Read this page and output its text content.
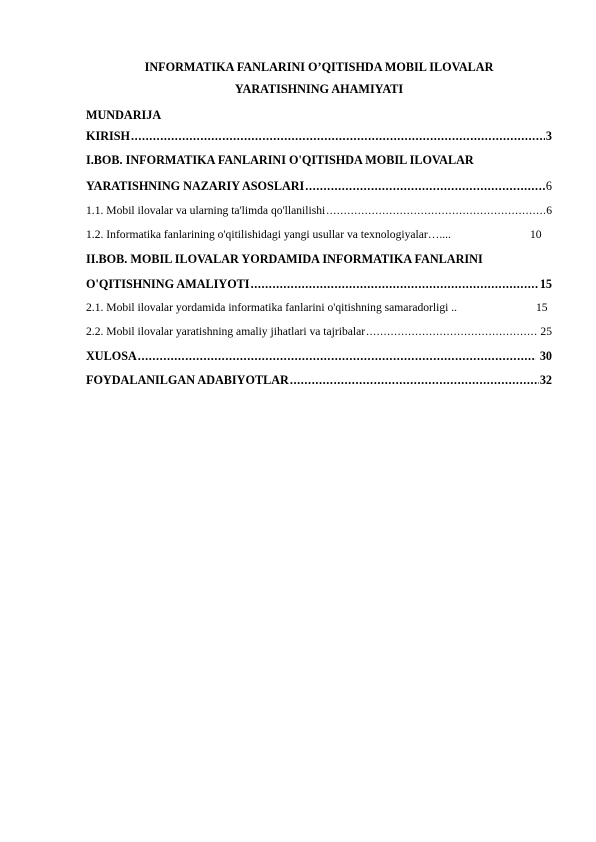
INFORMATIKA FANLARINI O’QITISHDA MOBIL ILOVALAR
YARATISHNING AHAMIYATI
MUNDARIJA
KIRISH .....	3
I.BOB. INFORMATIKA FANLARINI O'QITISHDA MOBIL ILOVALAR
YARATISHNING NAZARIY ASOSLARI .....	6
1.1. Mobil ilovalar va ularning ta'limda qo'llanilishi .....	6
1.2. Informatika fanlarining o'qitilishidagi yangi usullar va texnologiyalar…....	10
II.BOB. MOBIL ILOVALAR YORDAMIDA INFORMATIKA FANLARINI
O'QITISHNING AMALIYOTI .....	15
2.1. Mobil ilovalar yordamida informatika fanlarini o'qitishning samaradorligi ..	15
2.2. Mobil ilovalar yaratishning amaliy jihatlari va tajribalar .....	25
XULOSA .....	30
FOYDALANILGAN ADABIYOTLAR .....	32
